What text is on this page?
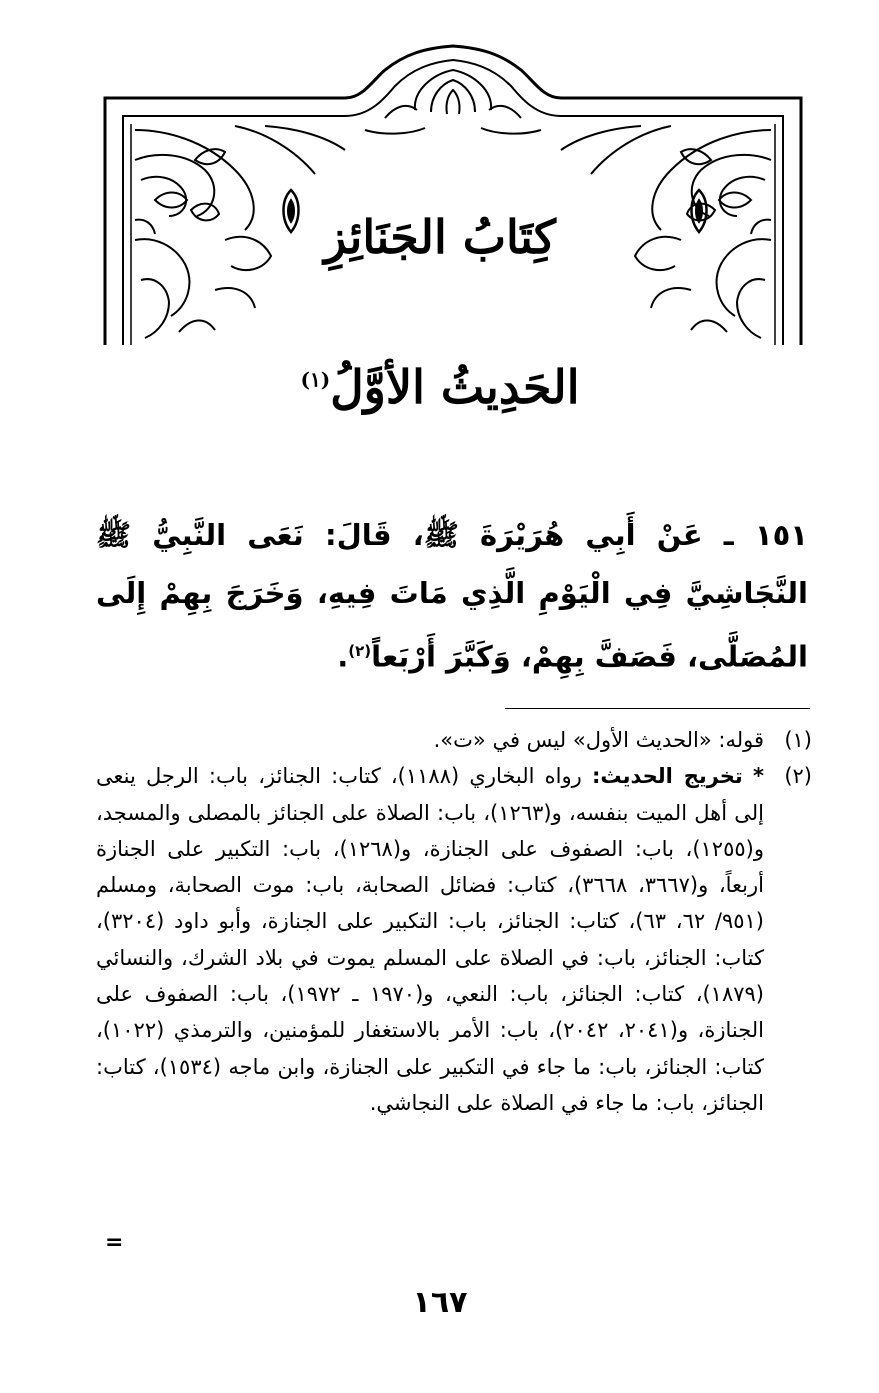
كِتَابُ الجَنَائِزِ
الحَدِيثُ الأوَّلُ$^{(١)}$
١٥١ ـ عَنْ أَبِي هُرَيْرَةَ ﷺ، قَالَ: نَعَى النَّبِيُّ ﷺ النَّجَاشِيَّ فِي الْيَوْمِ الَّذِي مَاتَ فِيهِ، وَخَرَجَ بِهِمْ إِلَى المُصَلَّى، فَصَفَّ بِهِمْ، وَكَبَّرَ أَرْبَعاً$^{(٢)}$.
(١)
قوله: «الحديث الأول» ليس في «ت».
(٢)
* تخريج الحديث: رواه البخاري (١١٨٨)، كتاب: الجنائز، باب: الرجل ينعى إلى أهل الميت بنفسه، و(١٢٦٣)، باب: الصلاة على الجنائز بالمصلى والمسجد، و(١٢٥٥)، باب: الصفوف على الجنازة، و(١٢٦٨)، باب: التكبير على الجنازة أربعاً، و(٣٦٦٧، ٣٦٦٨)، كتاب: فضائل الصحابة، باب: موت الصحابة، ومسلم (٩٥١/ ٦٢، ٦٣)، كتاب: الجنائز، باب: التكبير على الجنازة، وأبو داود (٣٢٠٤)، كتاب: الجنائز، باب: في الصلاة على المسلم يموت في بلاد الشرك، والنسائي (١٨٧٩)، كتاب: الجنائز، باب: النعي، و(١٩٧٠ ـ ١٩٧٢)، باب: الصفوف على الجنازة، و(٢٠٤١، ٢٠٤٢)، باب: الأمر بالاستغفار للمؤمنين، والترمذي (١٠٢٢)، كتاب: الجنائز، باب: ما جاء في التكبير على الجنازة، وابن ماجه (١٥٣٤)، كتاب: الجنائز، باب: ما جاء في الصلاة على النجاشي.
=
١٦٧
